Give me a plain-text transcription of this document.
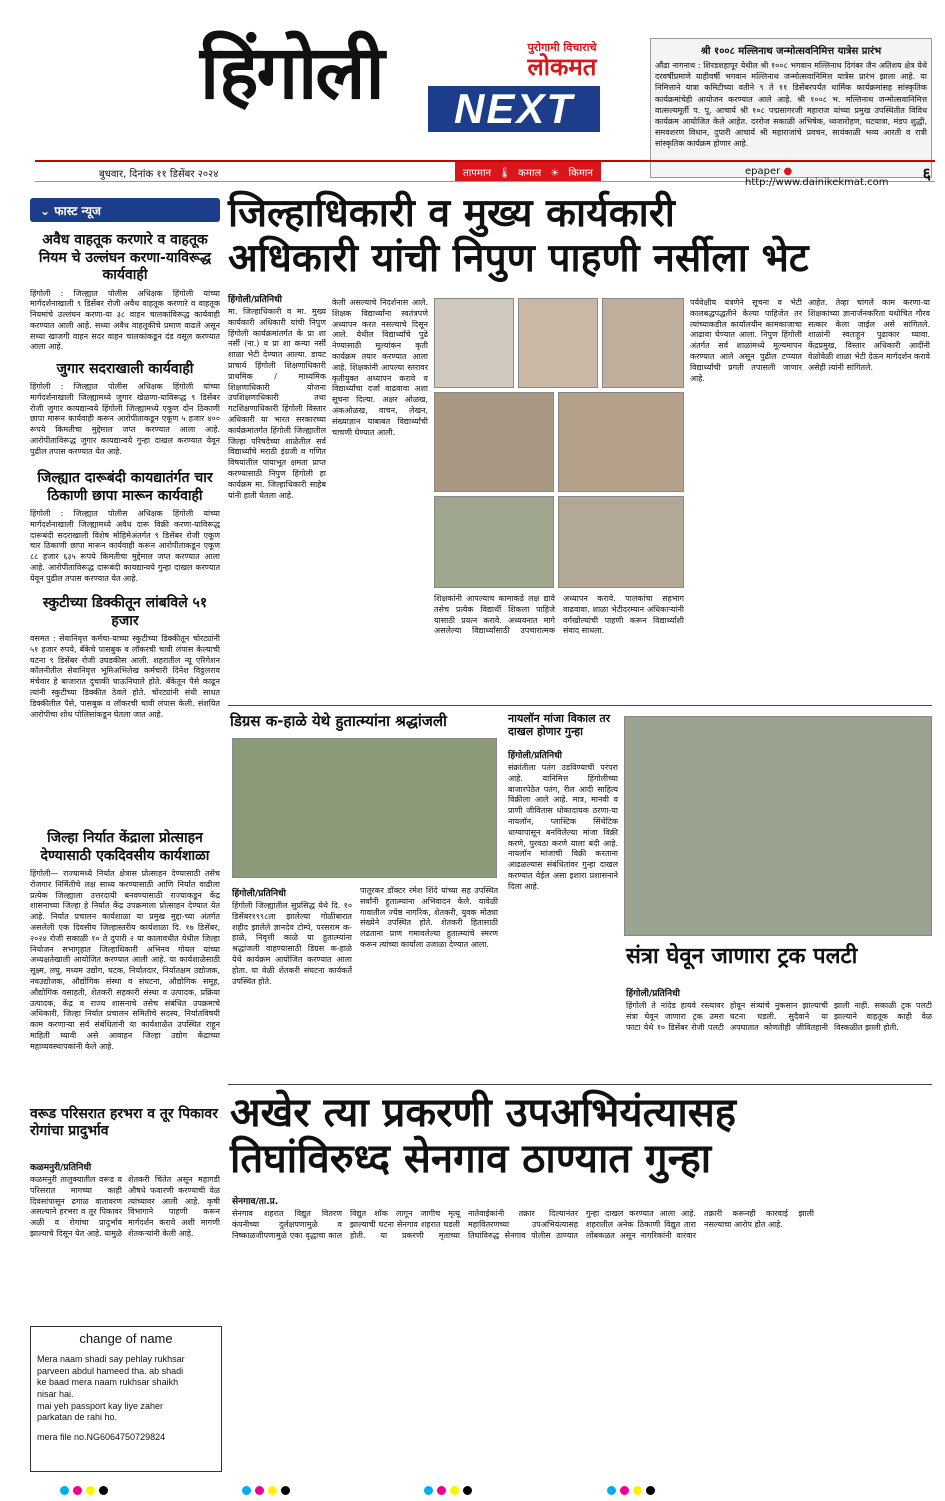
हिंगोली	पुरोगामी विचाराचे
लोकमत
NEXT
श्री १००८ मल्लिनाथ जन्मोत्सवनिमित्त यात्रेस प्रारंभ

औंढा नागनाथ : शिरडशहापूर येथील श्री १००८ भगवान मल्लिनाथ दिगंबर जैन अतिशय क्षेत्र येथे दरवर्षीप्रमाणे याहीवर्षी भगवान मल्लिनाथ जन्मोत्सवानिमित्त यात्रेस प्रारंभ झाला आहे. या निमित्ताने यात्रा कमिटीच्या वतीने ९ ते ११ डिसेंबरपर्यंत धार्मिक कार्यक्रमांसह सांस्कृतिक कार्यक्रमांचेही आयोजन करण्यात आले आहे. श्री १००८ भ. मल्लिनाथ जन्मोत्सवानिमित्त वात्सल्यमूर्ती प. पू. आचार्य श्री १०८ पद्मसागरजी महाराज यांच्या प्रमुख उपस्थितीत विविध कार्यक्रम आयोजित केले आहेत. दररोज सकाळी अभिषेक, ध्वजारोहण, घटयात्रा, मंडप शुद्धी, समवशरण विधान, दुपारी आचार्य श्री महाराजांचे प्रवचन, सायंकाळी भव्य आरती व रात्री सांस्कृतिक कार्यक्रम होणार आहे.

बुधवार, दिनांक ११ डिसेंबर २०२४	तापमान 🌡 कमाल ☀ किमान	epaper ● http://www.dainikekmat.com	६
⌄ फास्ट न्यूज
अवैध वाहतूक करणारे व वाहतूक नियम चे उल्लंघन करणा-याविरूद्ध कार्यवाही
हिंगोली : जिल्ह्यात पोलीस अधिक्षक हिंगोली यांच्या मार्गदर्शनाखाली ९ डिसेंबर रोजी अवैध वाहतूक करणारे व वाहतूक नियमांचे उल्लंघन करणा-या ३८ वाहन चालकांविरूद्ध कार्यवाही करण्यात आली आहे. सध्या अवैध वाहतूकीचे प्रमाण वाढले असून सध्या खाजगी वाहन सदर वाहन चालकांकडून दंड वसूल करण्यात आला आहे.
जुगार सदराखाली कार्यवाही
हिंगोली : जिल्ह्यात पोलीस अधिक्षक हिंगोली यांच्या मार्गदर्शनाखाली जिल्ह्यामध्ये जुगार खेळणा-याविरूद्ध ९ डिसेंबर रोजी जुगार कायद्यान्वये हिंगोली जिल्ह्यामध्ये एकूण दोन ठिकाणी छापा मारून कार्यवाही करून आरोपीताकडून एकूण ५ हजार ४०० रूपये किमतीचा मुद्देमाल जप्त करण्यात आला आहे. आरोपीताविरूद्ध जुगार कायद्यान्वये गुन्हा दाखल करण्यात येवून पुढील तपास करण्यात येत आहे.
जिल्ह्यात दारूबंदी कायद्यातंर्गत चार ठिकाणी छापा मारून कार्यवाही
हिंगोली : जिल्ह्यात पोलीस अधिक्षक हिंगोली यांच्या मार्गदर्शनाखाली जिल्ह्यामध्ये अवैध दारू विक्री करणा-याविरूद्ध दारूबंदी सदराखाली विशेष मोहिमेअंतर्गत ९ डिसेंबर रोजी एकूण चार ठिकाणी छापा मारून कार्यवाही करून आरोपीताकडून एकूण ८८ हजार ६३५ रूपये किमतीचा मुद्देमाल जप्त करण्यात आला आहे. आरोपीताविरूद्ध दारूबंदी कायद्यान्वये गुन्हा दाखल करण्यात येवून पुढील तपास करण्यात येत आहे.
स्कुटीच्या डिक्कीतून लांबविले ५१ हजार
वसमत : सेवानिवृत्त कर्मचा-याच्या स्कुटीच्या डिक्कीतून चोरट्यांनी ५१ हजार रुपये, बँकेचे पासबुक व लॉकरची चावी लंपास केल्याची घटना ९ डिसेंबर रोजी उघडकीस आली. शहरातील न्यू एरिगेशन कॉलनीतील सेवानिवृत्त भूमिअभिलेख कर्मचारी दिनेश विठ्ठलराव मंचेवार हे बाजारात दुचाकी घाऊनिघाले होते. बँकेतून पैसे काढून त्यांनी स्कुटीच्या डिक्कीत ठेवले होते. चोरट्यांनी संधी साधत डिक्कीतील पैसे, पासबुक व लॉकरची चावी लंपास केली. संशयित आरोपीचा शोध पोलिसांकडून घेतला जात आहे.
जिल्हा निर्यात केंद्राला प्रोत्साहन देण्यासाठी एकदिवसीय कार्यशाळा
हिंगोली— राज्यामध्ये निर्यात क्षेत्रास प्रोत्साहन देण्यासाठी तसेच रोजगार निर्मितीचे लक्ष साध्य करण्यासाठी आणि निर्यात वाढीला प्रत्येक जिल्ह्याला उत्तरदायी बनवण्यासाठी राज्याकडून केंद्र शासनाच्या जिल्हा हे निर्यात केंद्र उपक्रमाला प्रोत्साहन देण्यात येत आहे. निर्यात प्रचालन कार्यशाळा या प्रमुख मुद्दा-च्या अंतर्गत असलेली एक दिवसीय जिल्हास्तरीय कार्यशाळा दि. १७ डिसेंबर, २०२४ रोजी सकाळी १० ते दुपारी २ या कालावधीत येथील जिल्हा नियोजन सभागृहात जिल्हाधिकारी अभिनव गोयल यांच्या अध्यक्षतेखाली आयोजित करण्यात आली आहे. या कार्यशाळेसाठी सूक्ष्म, लघु, मध्यम उद्योग, घटक, निर्यातदार, निर्यातक्षम उद्योजक, नवउद्योजक, औद्योगिक संस्था व संघटना, औद्योगिक समूह, औद्योगिक वसाहती, शेतकरी सहकारी संस्था व उत्पादक, प्रक्रिया उत्पादक, केंद्र व राज्य शासनाचे तसेच संबंधित उपक्रमाचे अधिकारी, जिल्हा निर्यात प्रचालन समितीचे सदस्य, निर्यातविषयी काम करणाऱ्या सर्व संबंधितांनी या कार्यशाळेत उपस्थित राहून माहिती घ्यावी असे आवाहन जिल्हा उद्योग केंद्राच्या महाव्यवस्थापकांनी केले आहे.
जिल्हाधिकारी व मुख्य कार्यकारी
अधिकारी यांची निपुण पाहणी नर्सीला भेट
हिंगोली/प्रतिनिधी
मा. जिल्हाधिकारी व मा. मुख्य कार्यकारी अधिकारी यांची निपुण हिंगोली कार्यक्रमांतर्गत के प्रा शा नर्सी (ना.) व प्रा शा कन्या नर्सी शाळा भेटी देण्यात आल्या. डायट प्राचार्य हिंगोली शिक्षणाधिकारी प्राथमिक / माध्यमिक शिक्षणाधिकारी योजना उपशिक्षणाधिकारी तथा गटशिक्षणाधिकारी हिंगोली विस्तार अधिकारी या भारत सरकारच्या कार्यक्रमांतर्गत हिंगोली जिल्ह्यातील जिल्हा परिषदेच्या शाळेतील सर्व विद्यार्थ्यांचे मराठी इंग्रजी व गणित विषयांतील पायाभूत क्षमता प्राप्त करण्यासाठी निपुण हिंगोली हा कार्यक्रम मा. जिल्हाधिकारी साहेब यांनी हाती घेतला आहे.
केली असल्याचे निदर्शनास आले. शिक्षक विद्यार्थ्यांना स्वतंत्रपणे अध्यापन करत नसल्याचे दिसून आले. येथील विद्यार्थ्यांचे पुढे नेण्यासाठी मूल्यांकन कृती कार्यक्रम तयार करण्यात आला आहे. शिक्षकांनी आपल्या स्तरावर कृतीयुक्त अध्यापन करावे व विद्यार्थ्यांचा दर्जा वाढवावा अशा सूचना दिल्या. अक्षर ओळख, अंकओळख, वाचन, लेखन, संख्याज्ञान याबाबत विद्यार्थ्यांची चाचणी घेण्यात आली.
शिक्षकांनी आपल्याच कामाकडे लक्ष द्यावे तसेच प्रत्येक विद्यार्थी शिकला पाहिजे यासाठी प्रयत्न करावे. अध्ययनात मागे असलेल्या विद्यार्थ्यांसाठी उपचारात्मक अध्यापन करावे. पालकांचा सहभाग वाढवावा. शाळा भेटीदरम्यान अधिकाऱ्यांनी वर्गखोल्यांची पाहणी करून विद्यार्थ्यांशी संवाद साधला.
पर्यवेक्षीय यंत्रणेने सूचना व भेटी कालबद्धपद्धतीने केल्या पाहिजेत तर त्यांच्याकडील कार्यालयीन कामकाजाचा आढावा घेण्यात आला. निपुण हिंगोली अंतर्गत सर्व शाळांमध्ये मूल्यमापन करण्यात आले असून पुढील टप्प्यात विद्यार्थ्यांची प्रगती तपासली जाणार आहे.
आहेत. तेव्हा चांगले काम करणा-या शिक्षकांच्या ज्ञानार्जनकरिता यथोचित गौरव सत्कार केला जाईल असे सांगितले. शाळांनी स्वतःहून पुढाकार घ्यावा. केंद्रप्रमुख, विस्तार अधिकारी आदींनी वेळोवेळी शाळा भेटी देऊन मार्गदर्शन करावे असेही त्यांनी सांगितले.
डिग्रस क-हाळे येथे हुतात्म्यांना श्रद्धांजली
हिंगोली/प्रतिनिधी
हिंगोली जिल्ह्यातील सुप्रसिद्ध येथे दि. १० डिसेंबर१९९८ला झालेल्या गोळीबारात शहीद झालेले ज्ञानदेव टोम्पे, परसराम क-हाळे, निवृत्ती काळे या हुतात्म्यांना श्रद्धांजली वाहण्यासाठी डिग्रस क-हाळे येथे कार्यक्रम आयोजित करण्यात आला होता. या वेळी शेतकरी संघटना कार्यकर्ते उपस्थित होते.
पातूरकर डॉक्टर रमेश शिंदे यांच्या सह उपस्थित सर्वांनी हुतात्म्यांना अभिवादन केले. यावेळी गावातील ज्येष्ठ नागरिक, शेतकरी, युवक मोठ्या संख्येने उपस्थित होते. शेतकरी हितासाठी लढताना प्राण गमावलेल्या हुतात्म्यांचे स्मरण करून त्यांच्या कार्याला उजाळा देण्यात आला.
नायलॉन मांजा विकाल तर दाखल होणार गुन्हा
हिंगोली/प्रतिनिधी
संक्रांतीला पतंग उडविण्याची परंपरा आहे. यानिमित्त हिंगोलीच्या बाजारपेठेत पतंग, रील आदी साहित्य विक्रीला आले आहे. मात्र, मानवी व प्राणी जीवितास धोकादायक ठरणा-या नायलॉन, प्लास्टिक सिंथेटिक धाग्यापासून बनविलेल्या मांजा विक्री करणे, पुरवठा करणे याला बंदी आहे. नायलॉन मांजाची विक्री करताना आढळल्यास संबंधितांवर गुन्हा दाखल करण्यात येईल असा इशारा प्रशासनाने दिला आहे.
संत्रा घेवून जाणारा ट्रक पलटी
हिंगोली/प्रतिनिधी
हिंगोली ते नांदेड हायवे रस्त्यावर संत्रा घेवून जाणारा ट्रक उमरा फाटा येथे १० डिसेंबर रोजी पलटी होवून संत्र्यांचे नुकसान झाल्याची घटना घडली. सुदैवाने या अपघातात कोणतीही जीवितहानी झाली नाही. सकाळी ट्रक पलटी झाल्याने वाहतूक काही वेळ विस्कळीत झाली होती.
अखेर त्या प्रकरणी उपअभियंत्यासह
तिघांविरुध्द सेनगाव ठाण्यात गुन्हा
सेनगाव/ता.प्र.
सेनगाव शहरात विद्युत वितरण कंपनीच्या दुर्लक्षपणामुळे व निष्काळजीपणामुळे एका वृद्धाचा काल विद्युत शॉक लागून जागीच मृत्यू झाल्याची घटना सेनगाव शहरात घडली होती. या प्रकरणी मृताच्या नातेवाईकांनी तक्रार दिल्यानंतर महावितरणच्या उपअभियंत्यासह तिघांविरुद्ध सेनगाव पोलीस ठाण्यात गुन्हा दाखल करण्यात आला आहे. शहरातील अनेक ठिकाणी विद्युत तारा लोंबकळत असून नागरिकांनी वारंवार तक्रारी करूनही कारवाई झाली नसल्याचा आरोप होत आहे.
वरूड परिसरात हरभरा व तूर पिकावर रोगांचा प्रादुर्भाव
कळमनुरी/प्रतिनिधी
कळमनुरी तालुक्यातील वरूड व परिसरात मागच्या काही दिवसांपासून ढगाळ वातावरण असल्याने हरभरा व तूर पिकावर अळी व रोगांचा प्रादुर्भाव झाल्याचे दिसून येत आहे. यामुळे शेतकरी चिंतेत असून महागडी औषधे फवारणी करण्याची वेळ त्यांच्यावर आली आहे. कृषी विभागाने पाहणी करून मार्गदर्शन करावे अशी मागणी शेतकऱ्यांनी केली आहे.
change of name
Mera naam shadi say pehlay rukhsar
parveen abdul hameed tha. ab shadi
ke baad mera naam rukhsar shaikh
nisar hai.
mai yeh passport kay liye zaher
parkatan de rahi ho.
mera file no.NG6064750729824
